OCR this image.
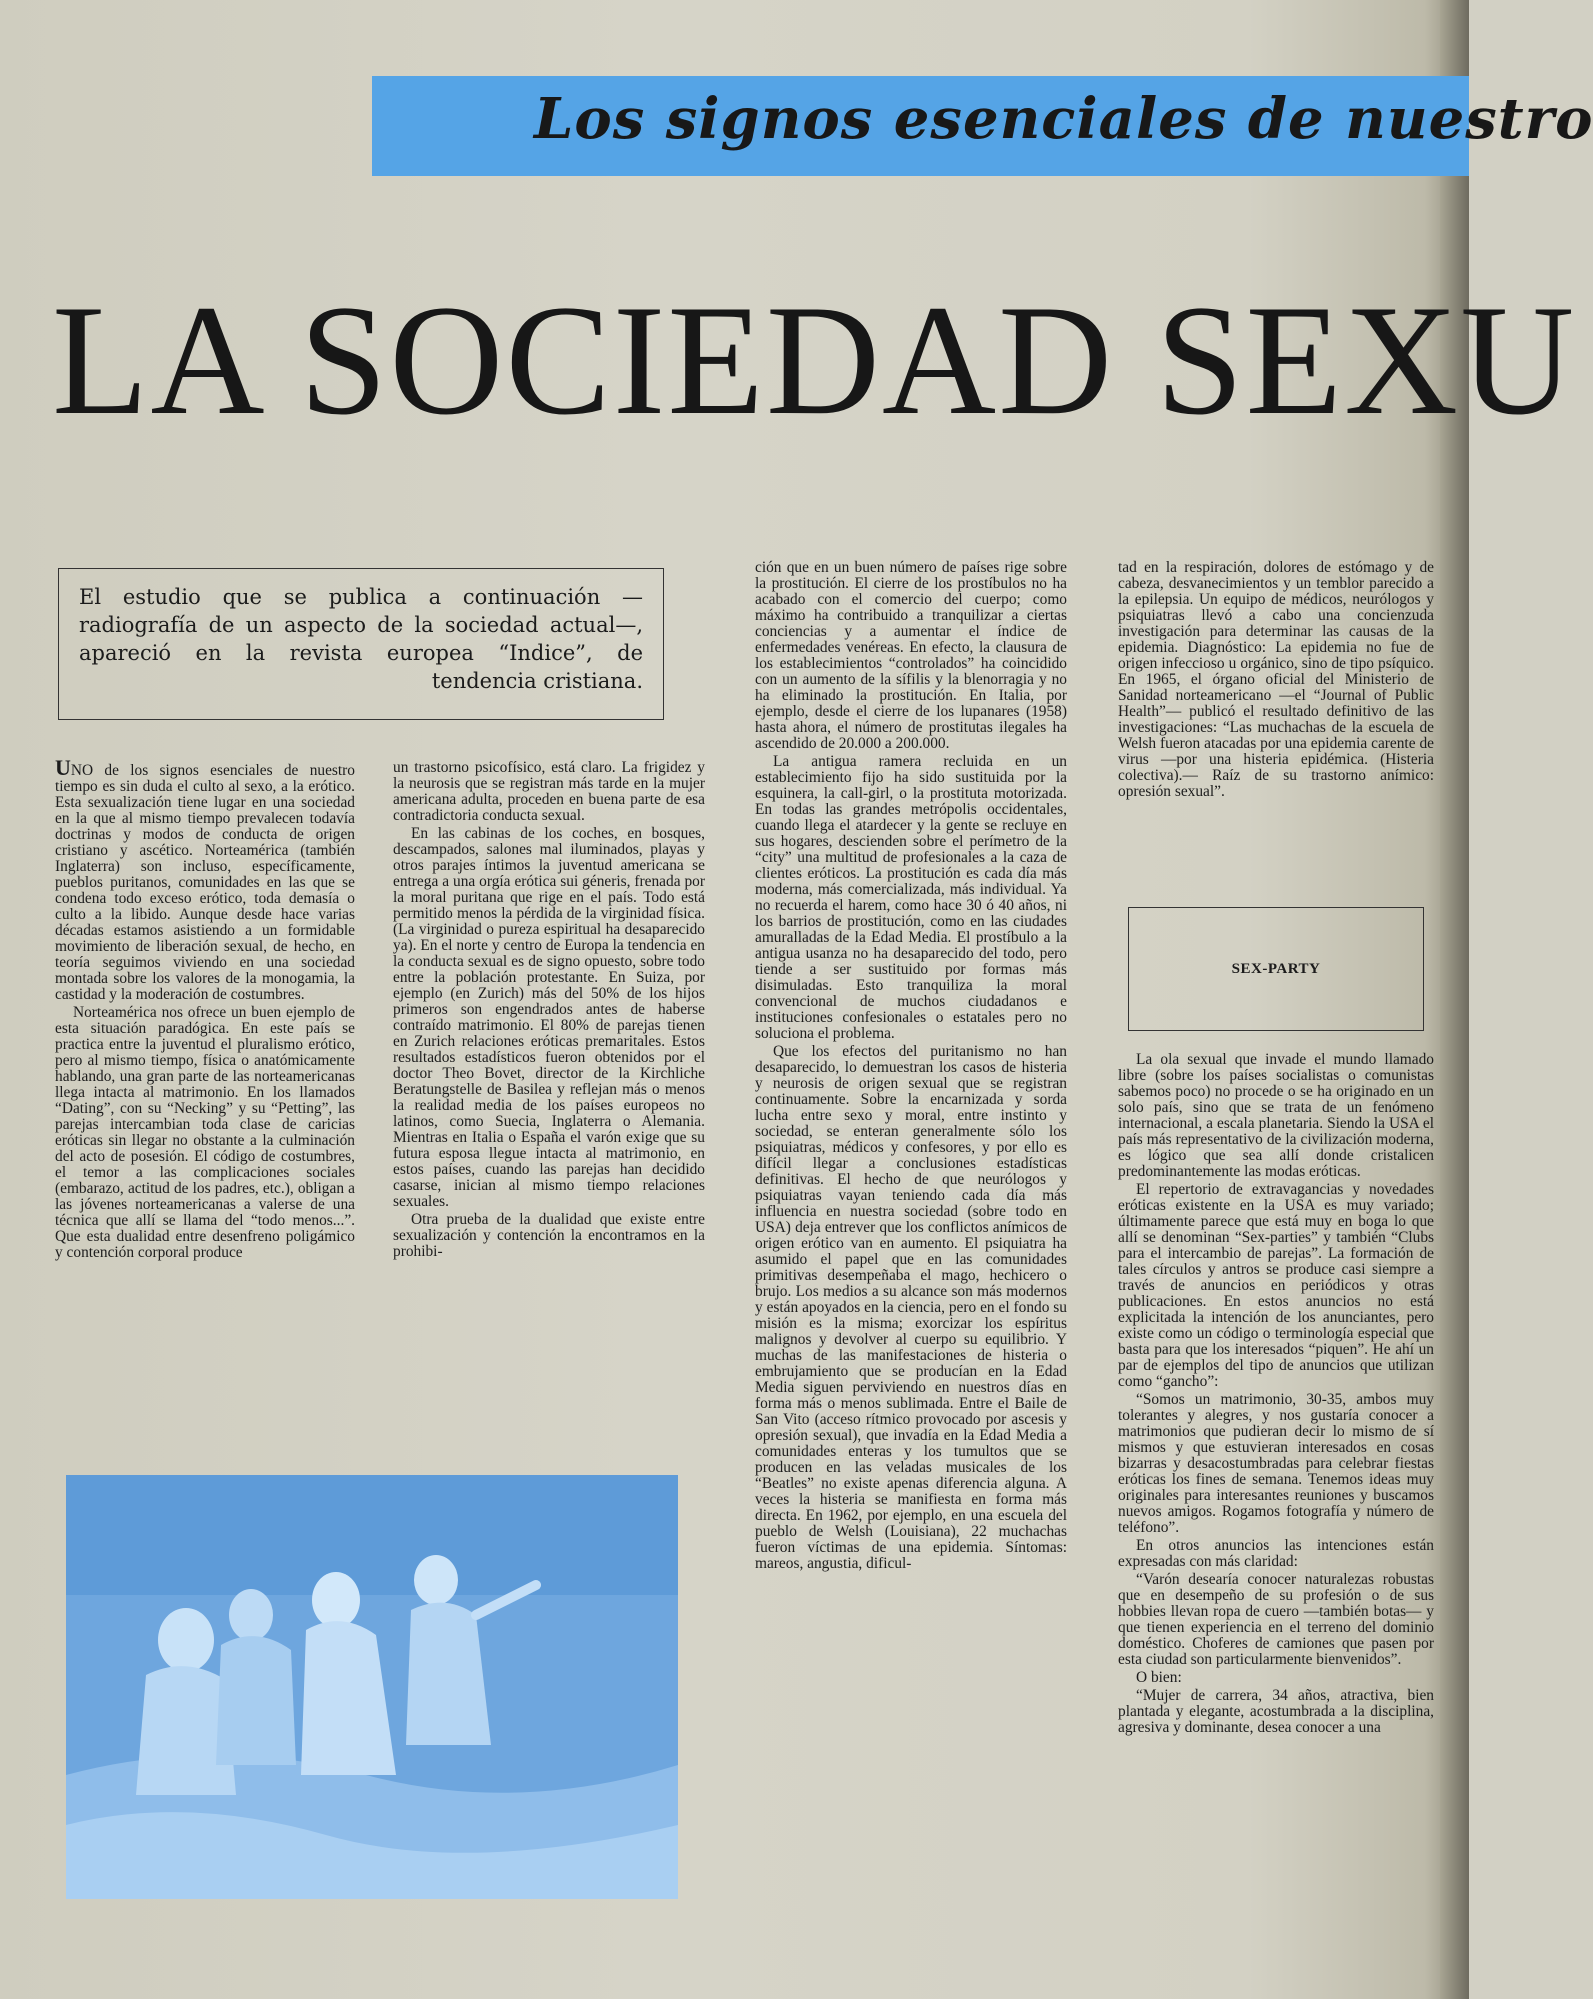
Los signos esenciales de nuestro
LA SOCIEDAD SEXU
El estudio que se publica a continuación —radiografía de un aspecto de la sociedad actual—, apareció en la revista europea “Indice”, de tendencia cristiana.

UNO de los signos esenciales de nuestro tiempo es sin duda el culto al sexo, a la erótico. Esta sexualización tiene lugar en una sociedad en la que al mismo tiempo prevalecen todavía doctrinas y modos de conducta de origen cristiano y ascético. Norteamérica (también Inglaterra) son incluso, específicamente, pueblos puritanos, comunidades en las que se condena todo exceso erótico, toda demasía o culto a la libido. Aunque desde hace varias décadas estamos asistiendo a un formidable movimiento de liberación sexual, de hecho, en teoría seguimos viviendo en una sociedad montada sobre los valores de la monogamia, la castidad y la moderación de costumbres.

Norteamérica nos ofrece un buen ejemplo de esta situación paradógica. En este país se practica entre la juventud el pluralismo erótico, pero al mismo tiempo, física o anatómicamente hablando, una gran parte de las norteamericanas llega intacta al matrimonio. En los llamados “Dating”, con su “Necking” y su “Petting”, las parejas intercambian toda clase de caricias eróticas sin llegar no obstante a la culminación del acto de posesión. El código de costumbres, el temor a las complicaciones sociales (embarazo, actitud de los padres, etc.), obligan a las jóvenes norteamericanas a valerse de una técnica que allí se llama del “todo menos...”. Que esta dualidad entre desenfreno poligámico y contención corporal produce

un trastorno psicofísico, está claro. La frigidez y la neurosis que se registran más tarde en la mujer americana adulta, proceden en buena parte de esa contradictoria conducta sexual.

En las cabinas de los coches, en bosques, descampados, salones mal iluminados, playas y otros parajes íntimos la juventud americana se entrega a una orgía erótica sui géneris, frenada por la moral puritana que rige en el país. Todo está permitido menos la pérdida de la virginidad física. (La virginidad o pureza espiritual ha desaparecido ya). En el norte y centro de Europa la tendencia en la conducta sexual es de signo opuesto, sobre todo entre la población protestante. En Suiza, por ejemplo (en Zurich) más del 50% de los hijos primeros son engendrados antes de haberse contraído matrimonio. El 80% de parejas tienen en Zurich relaciones eróticas premaritales. Estos resultados estadísticos fueron obtenidos por el doctor Theo Bovet, director de la Kirchliche Beratungstelle de Basilea y reflejan más o menos la realidad media de los países europeos no latinos, como Suecia, Inglaterra o Alemania. Mientras en Italia o España el varón exige que su futura esposa llegue intacta al matrimonio, en estos países, cuando las parejas han decidido casarse, inician al mismo tiempo relaciones sexuales.

Otra prueba de la dualidad que existe entre sexualización y contención la encontramos en la prohibi-

ción que en un buen número de países rige sobre la prostitución. El cierre de los prostíbulos no ha acabado con el comercio del cuerpo; como máximo ha contribuido a tranquilizar a ciertas conciencias y a aumentar el índice de enfermedades venéreas. En efecto, la clausura de los establecimientos “controlados” ha coincidido con un aumento de la sífilis y la blenorragia y no ha eliminado la prostitución. En Italia, por ejemplo, desde el cierre de los lupanares (1958) hasta ahora, el número de prostitutas ilegales ha ascendido de 20.000 a 200.000.

La antigua ramera recluida en un establecimiento fijo ha sido sustituida por la esquinera, la call-girl, o la prostituta motorizada. En todas las grandes metrópolis occidentales, cuando llega el atardecer y la gente se recluye en sus hogares, descienden sobre el perímetro de la “city” una multitud de profesionales a la caza de clientes eróticos. La prostitución es cada día más moderna, más comercializada, más individual. Ya no recuerda el harem, como hace 30 ó 40 años, ni los barrios de prostitución, como en las ciudades amuralladas de la Edad Media. El prostíbulo a la antigua usanza no ha desaparecido del todo, pero tiende a ser sustituido por formas más disimuladas. Esto tranquiliza la moral convencional de muchos ciudadanos e instituciones confesionales o estatales pero no soluciona el problema.

Que los efectos del puritanismo no han desaparecido, lo demuestran los casos de histeria y neurosis de origen sexual que se registran continuamente. Sobre la encarnizada y sorda lucha entre sexo y moral, entre instinto y sociedad, se enteran generalmente sólo los psiquiatras, médicos y confesores, y por ello es difícil llegar a conclusiones estadísticas definitivas. El hecho de que neurólogos y psiquiatras vayan teniendo cada día más influencia en nuestra sociedad (sobre todo en USA) deja entrever que los conflictos anímicos de origen erótico van en aumento. El psiquiatra ha asumido el papel que en las comunidades primitivas desempeñaba el mago, hechicero o brujo. Los medios a su alcance son más modernos y están apoyados en la ciencia, pero en el fondo su misión es la misma; exorcizar los espíritus malignos y devolver al cuerpo su equilibrio. Y muchas de las manifestaciones de histeria o embrujamiento que se producían en la Edad Media siguen perviviendo en nuestros días en forma más o menos sublimada. Entre el Baile de San Vito (acceso rítmico provocado por ascesis y opresión sexual), que invadía en la Edad Media a comunidades enteras y los tumultos que se producen en las veladas musicales de los “Beatles” no existe apenas diferencia alguna. A veces la histeria se manifiesta en forma más directa. En 1962, por ejemplo, en una escuela del pueblo de Welsh (Louisiana), 22 muchachas fueron víctimas de una epidemia. Síntomas: mareos, angustia, dificul-

tad en la respiración, dolores de estómago y de cabeza, desvanecimientos y un temblor parecido a la epilepsia. Un equipo de médicos, neurólogos y psiquiatras llevó a cabo una concienzuda investigación para determinar las causas de la epidemia. Diagnóstico: La epidemia no fue de origen infeccioso u orgánico, sino de tipo psíquico. En 1965, el órgano oficial del Ministerio de Sanidad norteamericano —el “Journal of Public Health”— publicó el resultado definitivo de las investigaciones: “Las muchachas de la escuela de Welsh fueron atacadas por una epidemia carente de virus —por una histeria epidémica. (Histeria colectiva).— Raíz de su trastorno anímico: opresión sexual”.

SEX-PARTY

La ola sexual que invade el mundo llamado libre (sobre los países socialistas o comunistas sabemos poco) no procede o se ha originado en un solo país, sino que se trata de un fenómeno internacional, a escala planetaria. Siendo la USA el país más representativo de la civilización moderna, es lógico que sea allí donde cristalicen predominantemente las modas eróticas.

El repertorio de extravagancias y novedades eróticas existente en la USA es muy variado; últimamente parece que está muy en boga lo que allí se denominan “Sex-parties” y también “Clubs para el intercambio de parejas”. La formación de tales círculos y antros se produce casi siempre a través de anuncios en periódicos y otras publicaciones. En estos anuncios no está explicitada la intención de los anunciantes, pero existe como un código o terminología especial que basta para que los interesados “piquen”. He ahí un par de ejemplos del tipo de anuncios que utilizan como “gancho”:

“Somos un matrimonio, 30-35, ambos muy tolerantes y alegres, y nos gustaría conocer a matrimonios que pudieran decir lo mismo de sí mismos y que estuvieran interesados en cosas bizarras y desacostumbradas para celebrar fiestas eróticas los fines de semana. Tenemos ideas muy originales para interesantes reuniones y buscamos nuevos amigos. Rogamos fotografía y número de teléfono”.

En otros anuncios las intenciones están expresadas con más claridad:

“Varón desearía conocer naturalezas robustas que en desempeño de su profesión o de sus hobbies llevan ropa de cuero —también botas— y que tienen experiencia en el terreno del dominio doméstico. Choferes de camiones que pasen por esta ciudad son particularmente bienvenidos”.

O bien:

“Mujer de carrera, 34 años, atractiva, bien plantada y elegante, acostumbrada a la disciplina, agresiva y dominante, desea conocer a una
